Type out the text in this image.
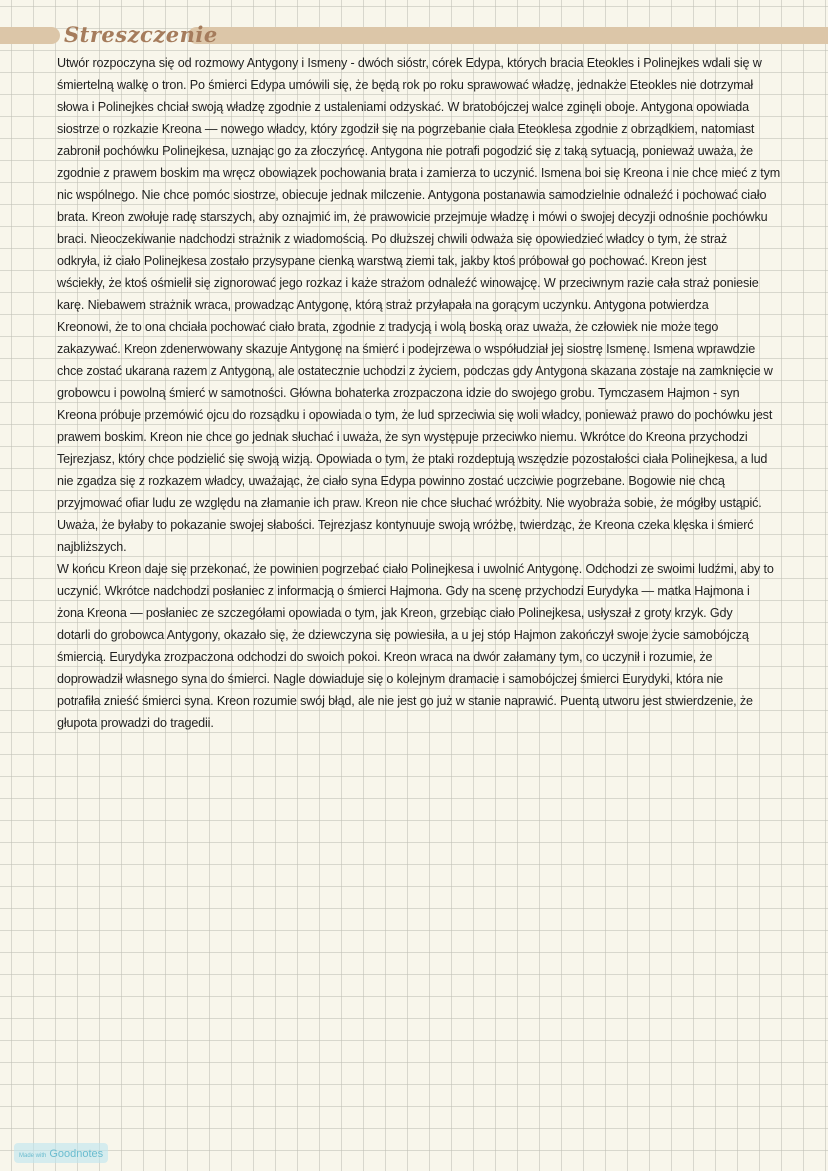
Streszczenie
Utwór rozpoczyna się od rozmowy Antygony i Ismeny - dwóch sióstr, córek Edypa, których bracia Eteokles i Polinejkes wdali się w
śmiertelną walkę o tron. Po śmierci Edypa umówili się, że będą rok po roku sprawować władzę, jednakże Eteokles nie dotrzymał
słowa i Polinejkes chciał swoją władzę zgodnie z ustaleniami odzyskać. W bratobójczej walce zginęli oboje. Antygona opowiada
siostrze o rozkazie Kreona — nowego władcy, który zgodził się na pogrzebanie ciała Eteoklesa zgodnie z obrządkiem, natomiast
zabronił pochówku Polinejkesa, uznając go za złoczyńcę. Antygona nie potrafi pogodzić się z taką sytuacją, ponieważ uważa, że
zgodnie z prawem boskim ma wręcz obowiązek pochowania brata i zamierza to uczynić. Ismena boi się Kreona i nie chce mieć z tym
nic wspólnego. Nie chce pomóc siostrze, obiecuje jednak milczenie. Antygona postanawia samodzielnie odnaleźć i pochować ciało
brata. Kreon zwołuje radę starszych, aby oznajmić im, że prawowicie przejmuje władzę i mówi o swojej decyzji odnośnie pochówku
braci. Nieoczekiwanie nadchodzi strażnik z wiadomością. Po dłuższej chwili odważa się opowiedzieć władcy o tym, że straż
odkryła, iż ciało Polinejkesa zostało przysypane cienką warstwą ziemi tak, jakby ktoś próbował go pochować. Kreon jest
wściekły, że ktoś ośmielił się zignorować jego rozkaz i każe strażom odnaleźć winowajcę. W przeciwnym razie cała straż poniesie
karę. Niebawem strażnik wraca, prowadząc Antygonę, którą straż przyłapała na gorącym uczynku. Antygona potwierdza
Kreonowi, że to ona chciała pochować ciało brata, zgodnie z tradycją i wolą boską oraz uważa, że człowiek nie może tego
zakazywać. Kreon zdenerwowany skazuje Antygonę na śmierć i podejrzewa o współudział jej siostrę Ismenę. Ismena wprawdzie
chce zostać ukarana razem z Antygoną, ale ostatecznie uchodzi z życiem, podczas gdy Antygona skazana zostaje na zamknięcie w
grobowcu i powolną śmierć w samotności. Główna bohaterka zrozpaczona idzie do swojego grobu. Tymczasem Hajmon - syn
Kreona próbuje przemówić ojcu do rozsądku i opowiada o tym, że lud sprzeciwia się woli władcy, ponieważ prawo do pochówku jest
prawem boskim. Kreon nie chce go jednak słuchać i uważa, że syn występuje przeciwko niemu. Wkrótce do Kreona przychodzi
Tejrezjasz, który chce podzielić się swoją wizją. Opowiada o tym, że ptaki rozdeptują wszędzie pozostałości ciała Polinejkesa, a lud
nie zgadza się z rozkazem władcy, uważając, że ciało syna Edypa powinno zostać uczciwie pogrzebane. Bogowie nie chcą
przyjmować ofiar ludu ze względu na złamanie ich praw. Kreon nie chce słuchać wróżbity. Nie wyobraża sobie, że mógłby ustąpić.
Uważa, że byłaby to pokazanie swojej słabości. Tejrezjasz kontynuuje swoją wróżbę, twierdząc, że Kreona czeka klęska i śmierć
najbliższych.
W końcu Kreon daje się przekonać, że powinien pogrzebać ciało Polinejkesa i uwolnić Antygonę. Odchodzi ze swoimi ludźmi, aby to
uczynić. Wkrótce nadchodzi posłaniec z informacją o śmierci Hajmona. Gdy na scenę przychodzi Eurydyka — matka Hajmona i
żona Kreona — posłaniec ze szczegółami opowiada o tym, jak Kreon, grzebiąc ciało Polinejkesa, usłyszał z groty krzyk. Gdy
dotarli do grobowca Antygony, okazało się, że dziewczyna się powiesiła, a u jej stóp Hajmon zakończył swoje życie samobójczą
śmiercią. Eurydyka zrozpaczona odchodzi do swoich pokoi. Kreon wraca na dwór załamany tym, co uczynił i rozumie, że
doprowadził własnego syna do śmierci. Nagle dowiaduje się o kolejnym dramacie i samobójczej śmierci Eurydyki, która nie
potrafiła znieść śmierci syna. Kreon rozumie swój błąd, ale nie jest go już w stanie naprawić. Puentą utworu jest stwierdzenie, że
głupota prowadzi do tragedii.
Made with Goodnotes
